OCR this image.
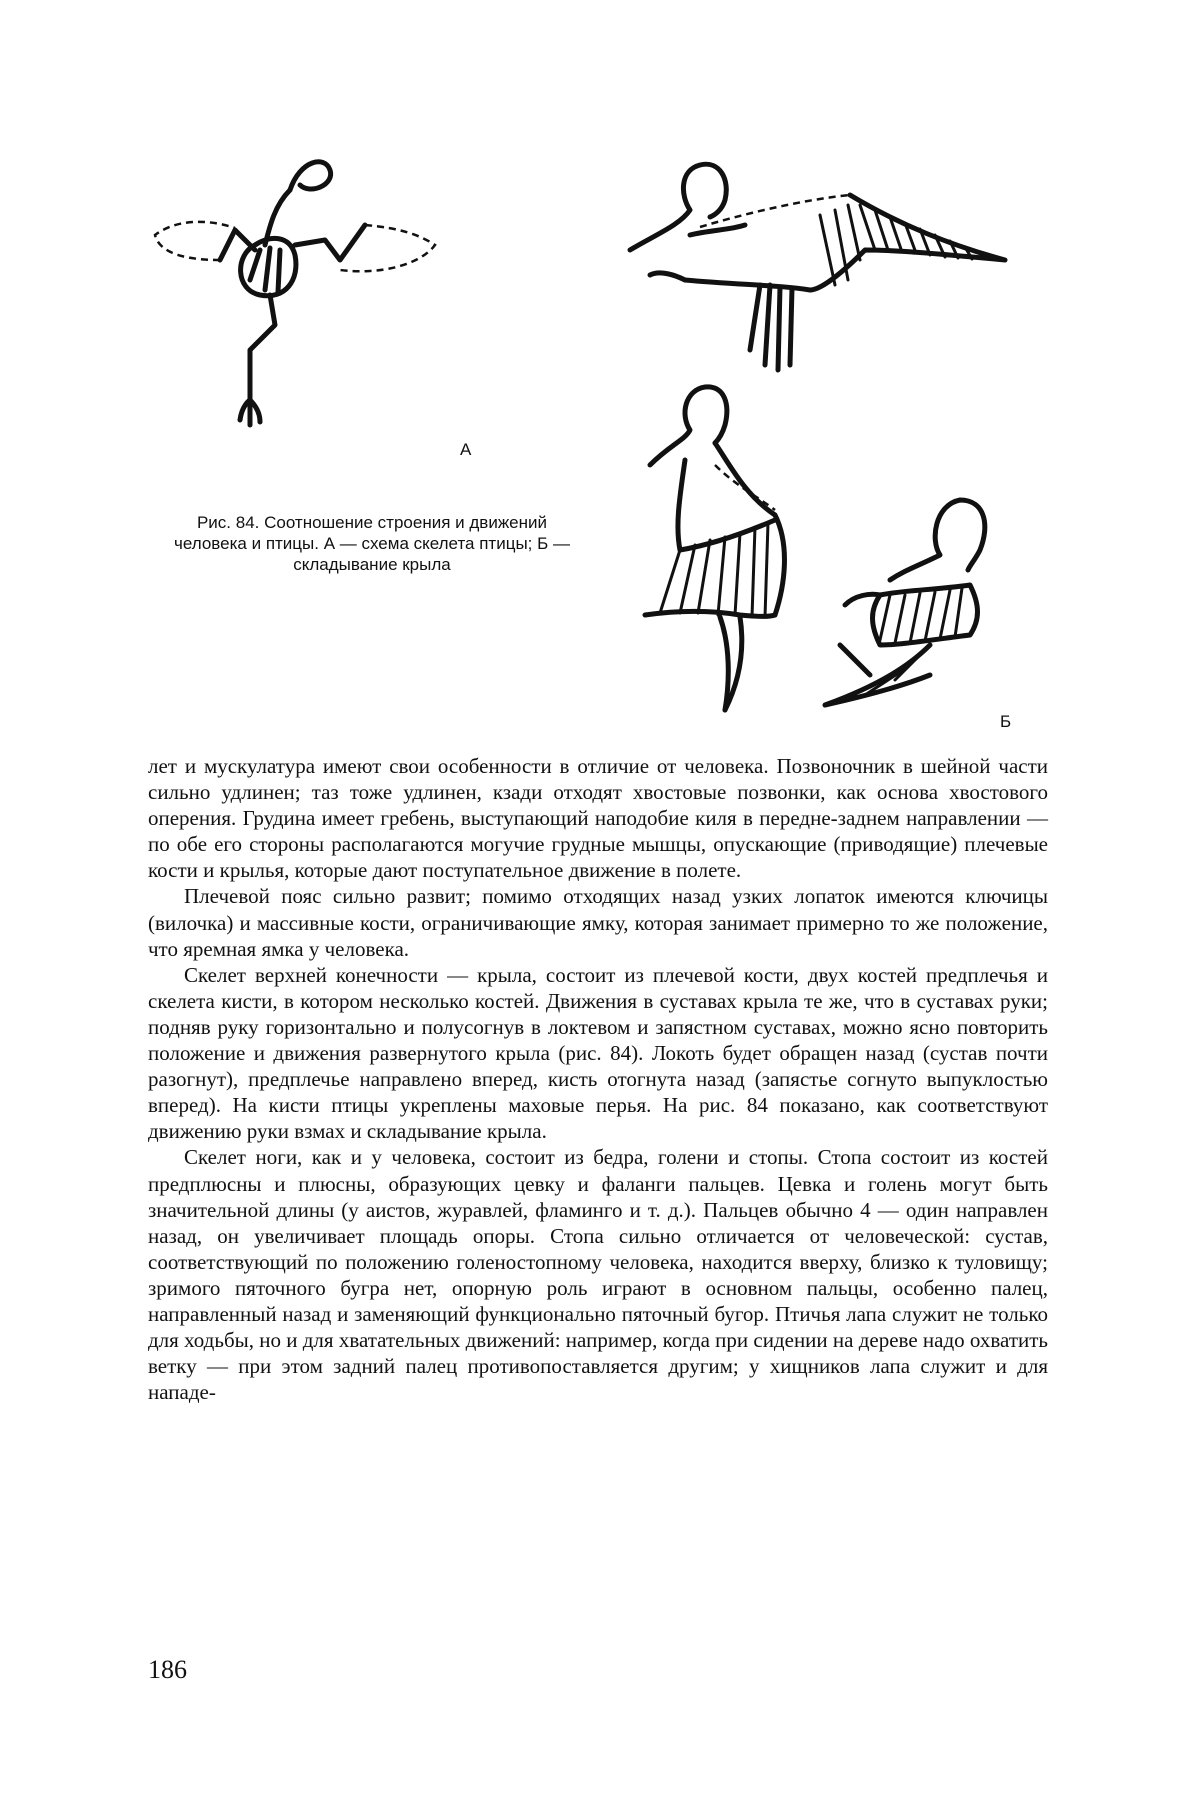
А
Б
Рис. 84. Соотношение строения и движений человека и птицы. А — схема скелета птицы; Б — складывание крыла

лет и мускулатура имеют свои особенности в отличие от человека. Позвоночник в шейной части сильно удлинен; таз тоже удлинен, кзади отходят хвостовые позвонки, как основа хвостового оперения. Грудина имеет гребень, выступающий наподобие киля в передне-заднем направлении — по обе его стороны располагаются могучие грудные мышцы, опускающие (приводящие) плечевые кости и крылья, которые дают поступательное движение в полете.

Плечевой пояс сильно развит; помимо отходящих назад узких лопаток имеются ключицы (вилочка) и массивные кости, ограничивающие ямку, которая занимает примерно то же положение, что яремная ямка у человека.

Скелет верхней конечности — крыла, состоит из плечевой кости, двух костей предплечья и скелета кисти, в котором несколько костей. Движения в суставах крыла те же, что в суставах руки; подняв руку горизонтально и полусогнув в локтевом и запястном суставах, можно ясно повторить положение и движения развернутого крыла (рис. 84). Локоть будет обращен назад (сустав почти разогнут), предплечье направлено вперед, кисть отогнута назад (запястье согнуто выпуклостью вперед). На кисти птицы укреплены маховые перья. На рис. 84 показано, как соответствуют движению руки взмах и складывание крыла.

Скелет ноги, как и у человека, состоит из бедра, голени и стопы. Стопа состоит из костей предплюсны и плюсны, образующих цевку и фаланги пальцев. Цевка и голень могут быть значительной длины (у аистов, журавлей, фламинго и т. д.). Пальцев обычно 4 — один направлен назад, он увеличивает площадь опоры. Стопа сильно отличается от человеческой: сустав, соответствующий по положению голеностопному человека, находится вверху, близко к туловищу; зримого пяточного бугра нет, опорную роль играют в основном пальцы, особенно палец, направленный назад и заменяющий функционально пяточный бугор. Птичья лапа служит не только для ходьбы, но и для хватательных движений: например, когда при сидении на дереве надо охватить ветку — при этом задний палец противопоставляется другим; у хищников лапа служит и для нападе-

186
